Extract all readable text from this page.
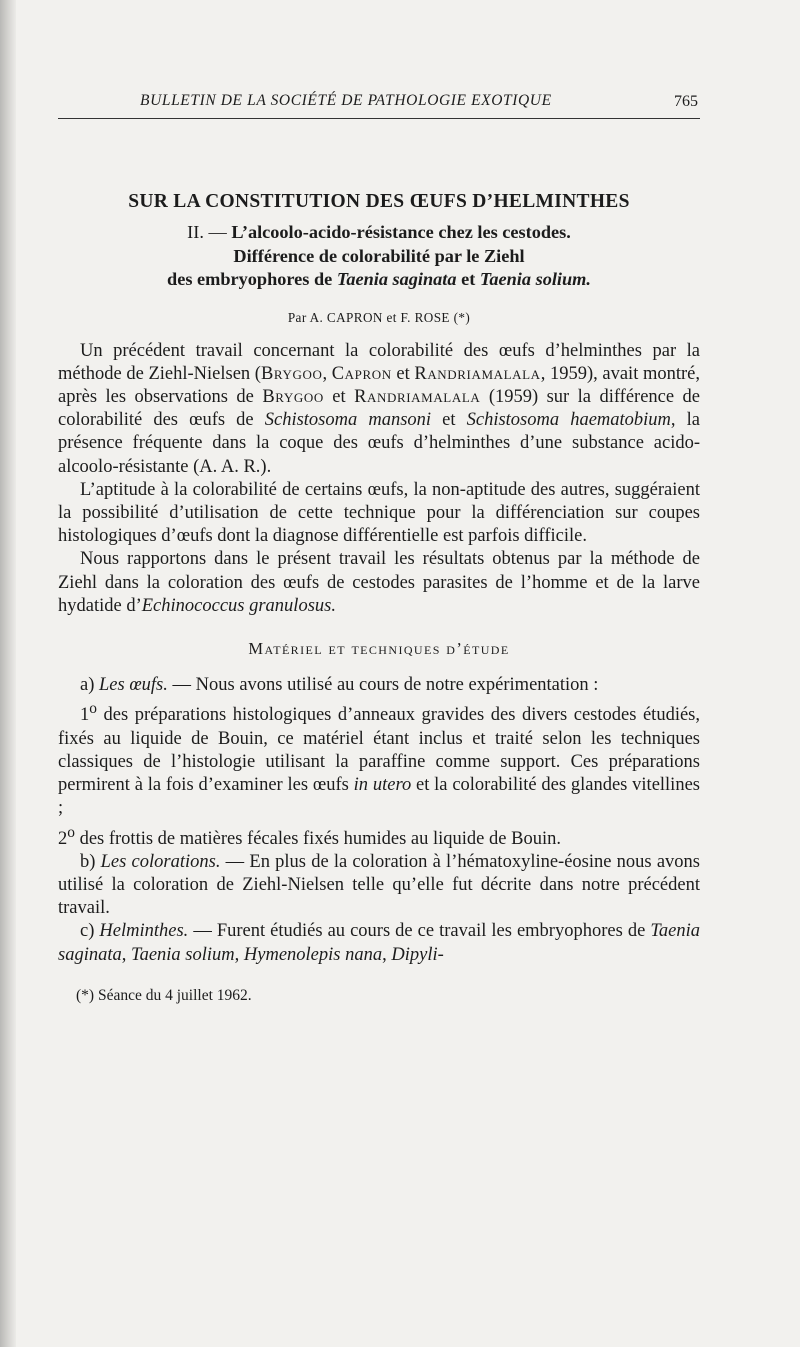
BULLETIN DE LA SOCIÉTÉ DE PATHOLOGIE EXOTIQUE	765
SUR LA CONSTITUTION DES ŒUFS D’HELMINTHES
II. — L’alcoolo-acido-résistance chez les cestodes.
Différence de colorabilité par le Ziehl
des embryophores de Taenia saginata et Taenia solium.
Par A. CAPRON et F. ROSE (*)

Un précédent travail concernant la colorabilité des œufs d’helminthes par la méthode de Ziehl-Nielsen (Brygoo, Capron et Randriamalala, 1959), avait montré, après les observations de Brygoo et Randriamalala (1959) sur la différence de colorabilité des œufs de Schistosoma mansoni et Schistosoma haematobium, la présence fréquente dans la coque des œufs d’helminthes d’une substance acido-alcoolo-résistante (A. A. R.).

L’aptitude à la colorabilité de certains œufs, la non-aptitude des autres, suggéraient la possibilité d’utilisation de cette technique pour la différenciation sur coupes histologiques d’œufs dont la diagnose différentielle est parfois difficile.

Nous rapportons dans le présent travail les résultats obtenus par la méthode de Ziehl dans la coloration des œufs de cestodes parasites de l’homme et de la larve hydatide d’Echinococcus granulosus.

Matériel et techniques d’étude

a) Les œufs. — Nous avons utilisé au cours de notre expérimentation :

1$^o$ des préparations histologiques d’anneaux gravides des divers cestodes étudiés, fixés au liquide de Bouin, ce matériel étant inclus et traité selon les techniques classiques de l’histologie utilisant la paraffine comme support. Ces préparations permirent à la fois d’examiner les œufs in utero et la colorabilité des glandes vitellines ;

2$^o$ des frottis de matières fécales fixés humides au liquide de Bouin.

b) Les colorations. — En plus de la coloration à l’hématoxyline-éosine nous avons utilisé la coloration de Ziehl-Nielsen telle qu’elle fut décrite dans notre précédent travail.

c) Helminthes. — Furent étudiés au cours de ce travail les embryophores de Taenia saginata, Taenia solium, Hymenolepis nana, Dipyli-

(*) Séance du 4 juillet 1962.
